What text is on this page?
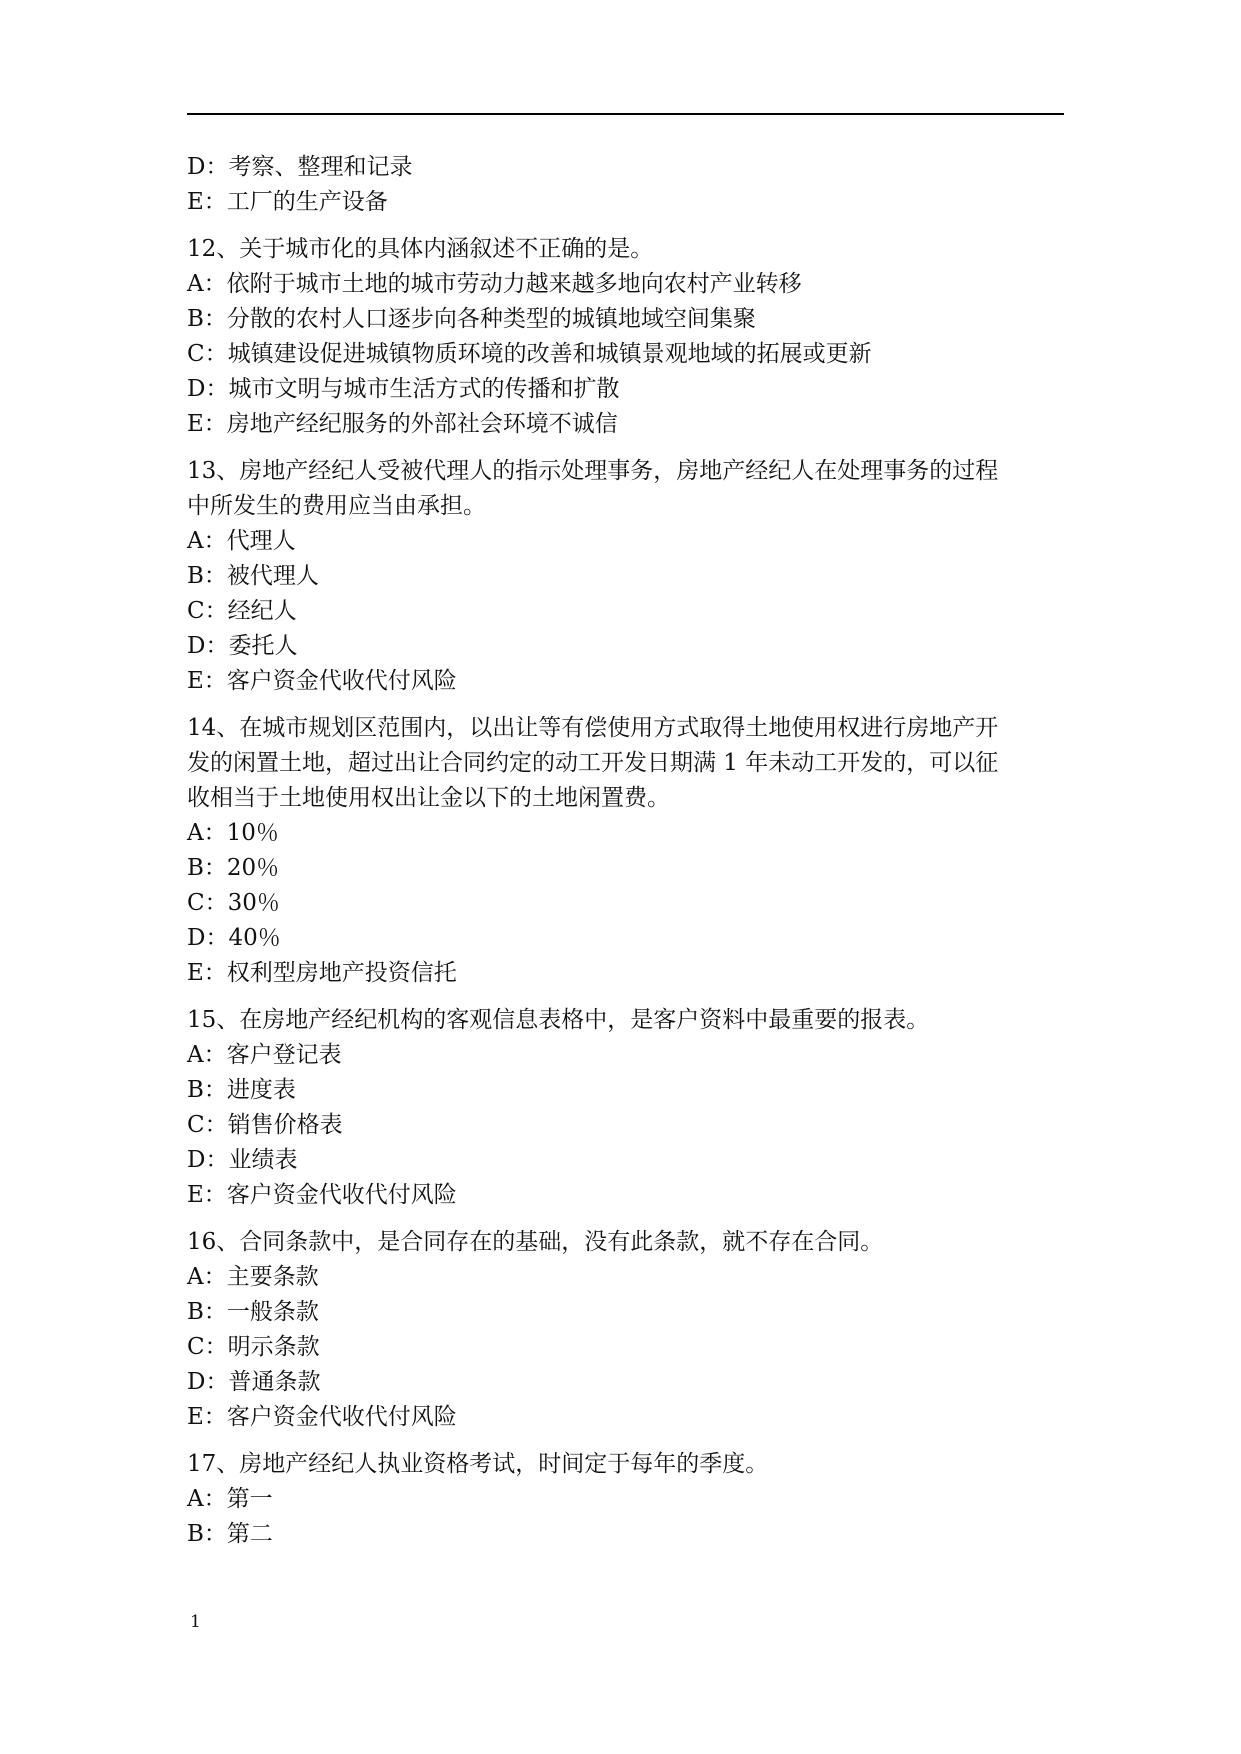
D：考察、整理和记录
E：工厂的生产设备
12、关于城市化的具体内涵叙述不正确的是。
A：依附于城市土地的城市劳动力越来越多地向农村产业转移
B：分散的农村人口逐步向各种类型的城镇地域空间集聚
C：城镇建设促进城镇物质环境的改善和城镇景观地域的拓展或更新
D：城市文明与城市生活方式的传播和扩散
E：房地产经纪服务的外部社会环境不诚信
13、房地产经纪人受被代理人的指示处理事务，房地产经纪人在处理事务的过程
中所发生的费用应当由承担。
A：代理人
B：被代理人
C：经纪人
D：委托人
E：客户资金代收代付风险
14、在城市规划区范围内，以出让等有偿使用方式取得土地使用权进行房地产开
发的闲置土地，超过出让合同约定的动工开发日期满 1 年未动工开发的，可以征
收相当于土地使用权出让金以下的土地闲置费。
A：10％
B：20％
C：30％
D：40％
E：权利型房地产投资信托
15、在房地产经纪机构的客观信息表格中，是客户资料中最重要的报表。
A：客户登记表
B：进度表
C：销售价格表
D：业绩表
E：客户资金代收代付风险
16、合同条款中，是合同存在的基础，没有此条款，就不存在合同。
A：主要条款
B：一般条款
C：明示条款
D：普通条款
E：客户资金代收代付风险
17、房地产经纪人执业资格考试，时间定于每年的季度。
A：第一
B：第二
1
